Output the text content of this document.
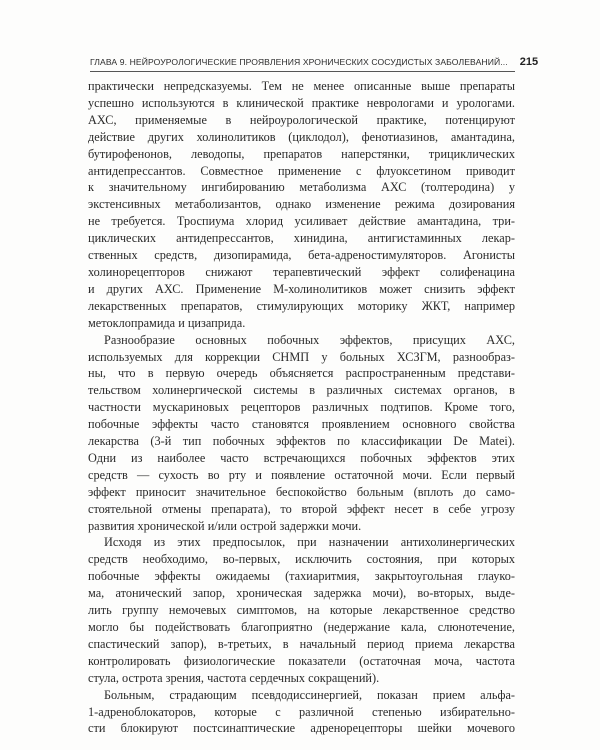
ГЛАВА 9. НЕЙРОУРОЛОГИЧЕСКИЕ ПРОЯВЛЕНИЯ ХРОНИЧЕСКИХ СОСУДИСТЫХ ЗАБОЛЕВАНИЙ... 215

практически непредсказуемы. Тем не менее описанные выше препараты
успешно используются в клинической практике неврологами и урологами.
АХС, применяемые в нейроурологической практике, потенцируют
действие других холинолитиков (циклодол), фенотиазинов, амантадина,
бутирофенонов, леводопы, препаратов наперстянки, трициклических
антидепрессантов. Совместное применение с флуоксетином приводит
к значительному ингибированию метаболизма АХС (толтеродина) у
экстенсивных метаболизантов, однако изменение режима дозирования
не требуется. Троспиума хлорид усиливает действие амантадина, три-
циклических антидепрессантов, хинидина, антигистаминных лекар-
ственных средств, дизопирамида, бета-адреностимуляторов. Агонисты
холинорецепторов снижают терапевтический эффект солифенацина
и других АХС. Применение М-холинолитиков может снизить эффект
лекарственных препаратов, стимулирующих моторику ЖКТ, например
метоклопрамида и цизаприда.

Разнообразие основных побочных эффектов, присущих АХС,
используемых для коррекции СНМП у больных ХСЗГМ, разнообраз-
ны, что в первую очередь объясняется распространенным представи-
тельством холинергической системы в различных системах органов, в
частности мускариновых рецепторов различных подтипов. Кроме того,
побочные эффекты часто становятся проявлением основного свойства
лекарства (3-й тип побочных эффектов по классификации De Matei).
Одни из наиболее часто встречающихся побочных эффектов этих
средств — сухость во рту и появление остаточной мочи. Если первый
эффект приносит значительное беспокойство больным (вплоть до само-
стоятельной отмены препарата), то второй эффект несет в себе угрозу
развития хронической и/или острой задержки мочи.

Исходя из этих предпосылок, при назначении антихолинергических
средств необходимо, во-первых, исключить состояния, при которых
побочные эффекты ожидаемы (тахиаритмия, закрытоугольная глауко-
ма, атонический запор, хроническая задержка мочи), во-вторых, выде-
лить группу немочевых симптомов, на которые лекарственное средство
могло бы подействовать благоприятно (недержание кала, слюнотечение,
спастический запор), в-третьих, в начальный период приема лекарства
контролировать физиологические показатели (остаточная моча, частота
стула, острота зрения, частота сердечных сокращений).

Больным, страдающим псевдодиссинергией, показан прием альфа-
1-адреноблокаторов, которые с различной степенью избирательно-
сти блокируют постсинаптические адренорецепторы шейки мочевого
